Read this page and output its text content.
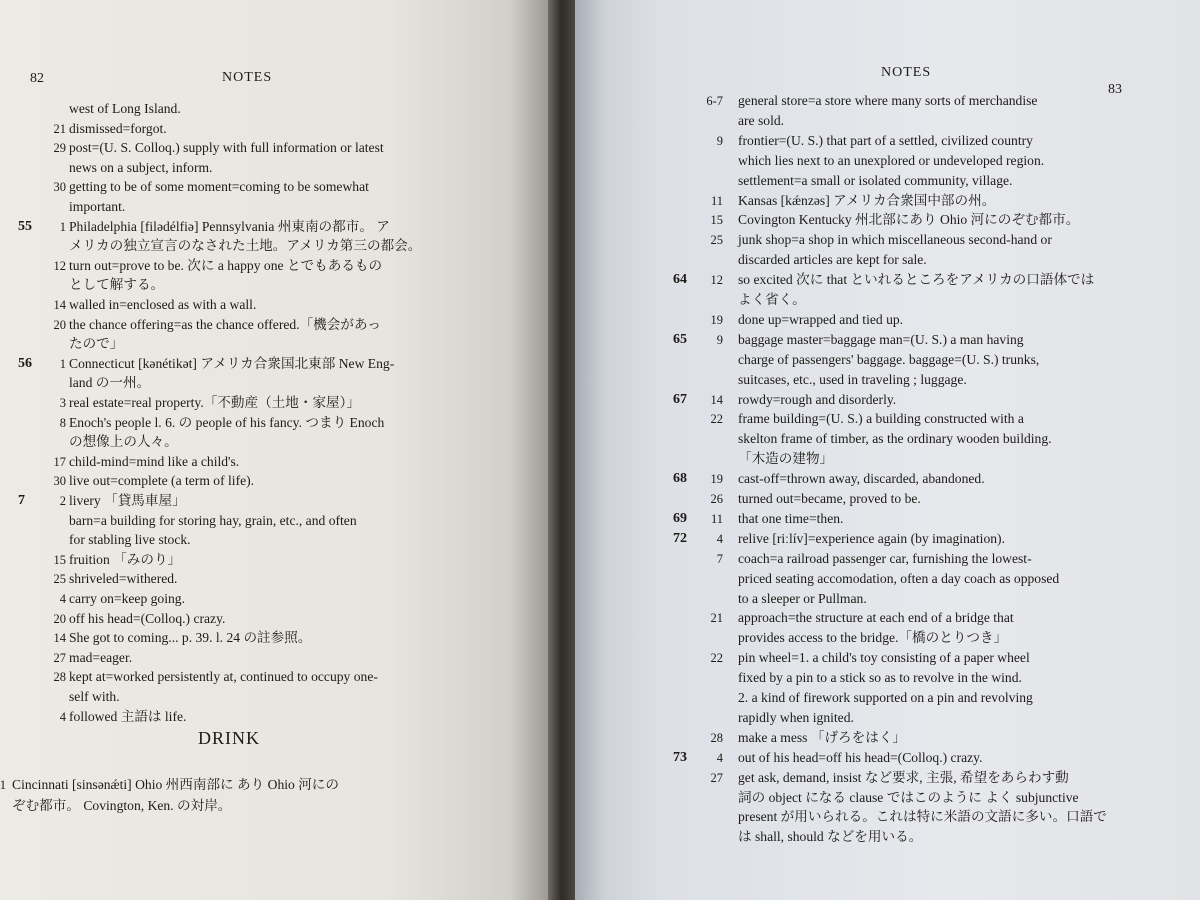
82	NOTES
west of Long Island.
21 dismissed=forgot.
29 post=(U. S. Colloq.) supply with full information or latest
news on a subject, inform.
30 getting to be of some moment=coming to be somewhat
important.
55	1 Philadelphia [filədélfiə] Pennsylvania 州東南の都市。 ア
メリカの独立宣言のなされた土地。アメリカ第三の都会。
12 turn out=prove to be. 次に a happy one とでもあるもの
として解する。
14 walled in=enclosed as with a wall.
20 the chance offering=as the chance offered.「機会があっ
たので」
56	1 Connecticut [kənétikət] アメリカ合衆国北東部 New Eng-
land の一州。
3 real estate=real property.「不動産（土地・家屋）」
8 Enoch's people l. 6. の people of his fancy. つまり Enoch
の想像上の人々。
17 child-mind=mind like a child's.
30 live out=complete (a term of life).
7	2 livery 「貸馬車屋」
barn=a building for storing hay, grain, etc., and often
for stabling live stock.
15 fruition 「みのり」
25 shriveled=withered.
4 carry on=keep going.
20 off his head=(Colloq.) crazy.
14 She got to coming... p. 39. l. 24 の註参照。
27 mad=eager.
28 kept at=worked persistently at, continued to occupy one-
self with.
4 followed 主語は life.
DRINK
1 Cincinnati [sinsənǽti] Ohio 州西南部に あり Ohio 河にの
ぞむ都市。 Covington, Ken. の対岸。
NOTES
83
6-7 general store=a store where many sorts of merchandise
are sold.
9 frontier=(U. S.) that part of a settled, civilized country
which lies next to an unexplored or undeveloped region.
settlement=a small or isolated community, village.
11 Kansas [kǽnzəs] アメリカ合衆国中部の州。
15 Covington Kentucky 州北部にあり Ohio 河にのぞむ都市。
25 junk shop=a shop in which miscellaneous second-hand or
discarded articles are kept for sale.
64	12 so excited 次に that といれるところをアメリカの口語体では
よく省く。
19 done up=wrapped and tied up.
65	9 baggage master=baggage man=(U. S.) a man having
charge of passengers' baggage. baggage=(U. S.) trunks,
suitcases, etc., used in traveling ; luggage.
67	14 rowdy=rough and disorderly.
22 frame building=(U. S.) a building constructed with a
skelton frame of timber, as the ordinary wooden building.
「木造の建物」
68	19 cast-off=thrown away, discarded, abandoned.
26 turned out=became, proved to be.
69	11 that one time=then.
72	4 relive [riːlív]=experience again (by imagination).
7 coach=a railroad passenger car, furnishing the lowest-
priced seating accomodation, often a day coach as opposed
to a sleeper or Pullman.
21 approach=the structure at each end of a bridge that
provides access to the bridge.「橋のとりつき」
22 pin wheel=1. a child's toy consisting of a paper wheel
fixed by a pin to a stick so as to revolve in the wind.
2. a kind of firework supported on a pin and revolving
rapidly when ignited.
28 make a mess 「げろをはく」
73	4 out of his head=off his head=(Colloq.) crazy.
27 get ask, demand, insist など要求, 主張, 希望をあらわす動
詞の object になる clause ではこのように よく subjunctive
present が用いられる。これは特に米語の文語に多い。口語で
は shall, should などを用いる。
